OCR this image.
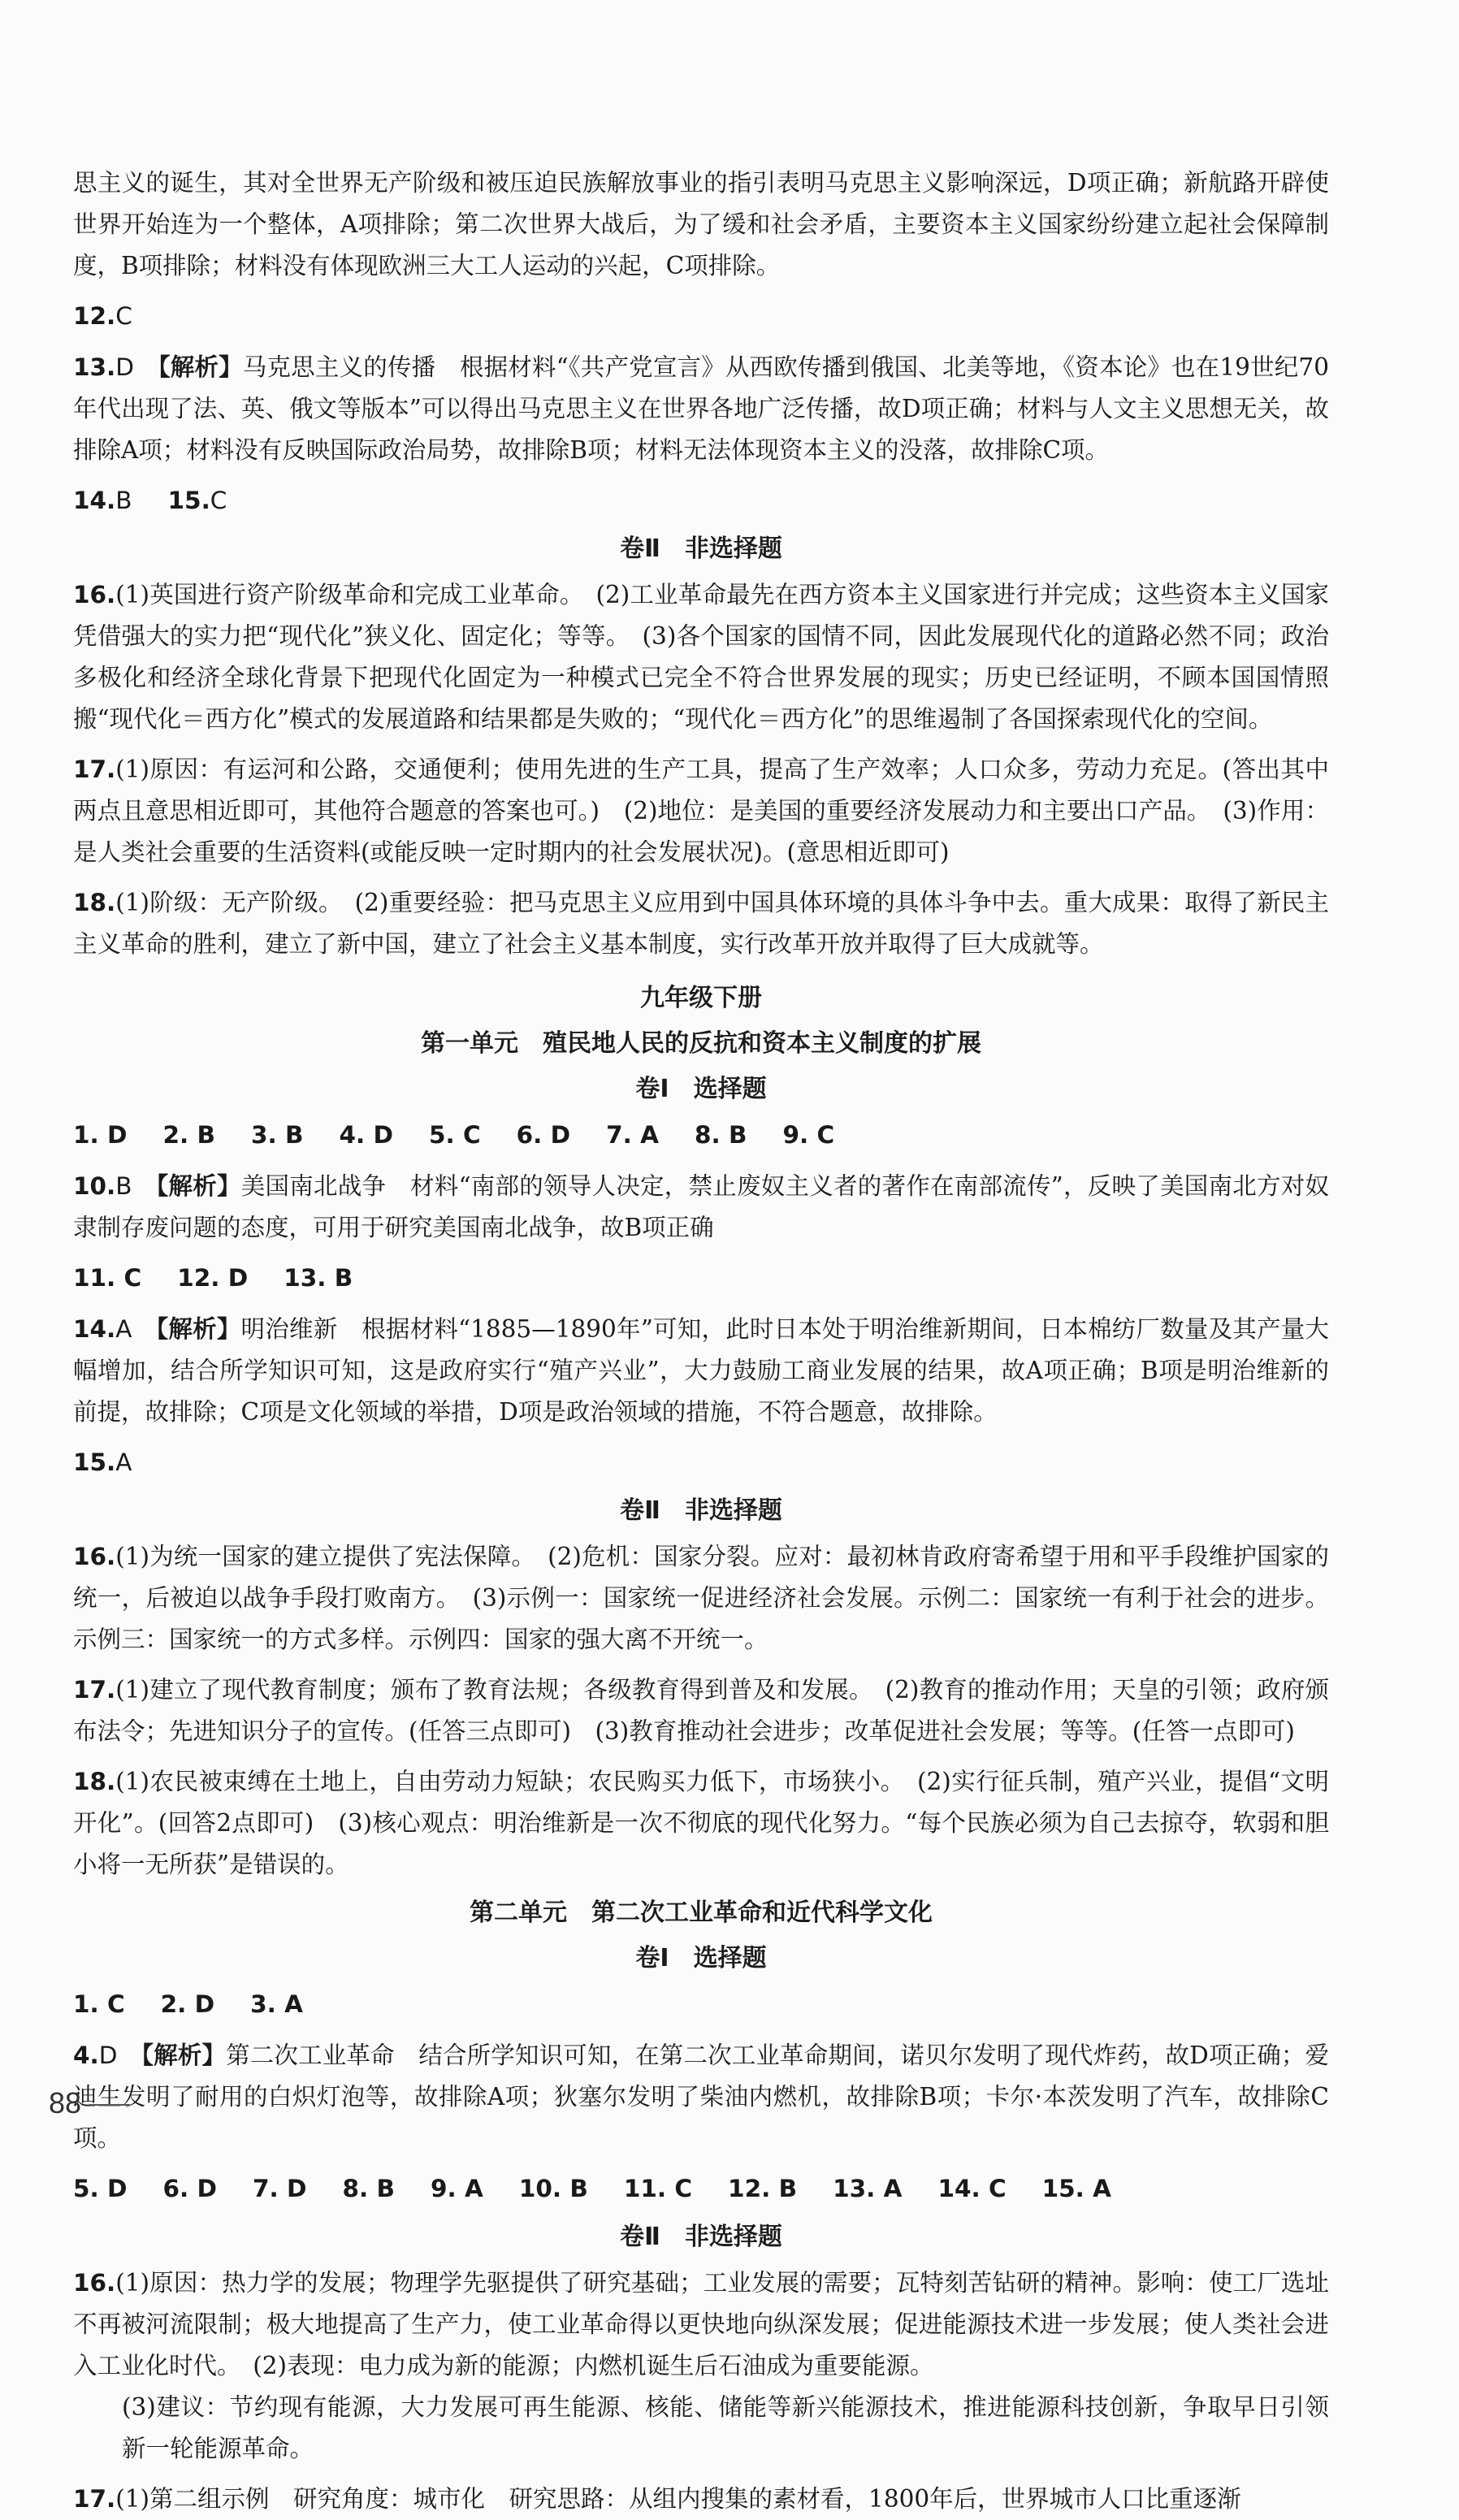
思主义的诞生，其对全世界无产阶级和被压迫民族解放事业的指引表明马克思主义影响深远，D项正确；新航路开辟使世界开始连为一个整体，A项排除；第二次世界大战后，为了缓和社会矛盾，主要资本主义国家纷纷建立起社会保障制度，B项排除；材料没有体现欧洲三大工人运动的兴起，C项排除。

12.C

13.D　 【解析】马克思主义的传播　根据材料“《共产党宣言》从西欧传播到俄国、北美等地，《资本论》也在19世纪70年代出现了法、英、俄文等版本”可以得出马克思主义在世界各地广泛传播，故D项正确；材料与人文主义思想无关，故排除A项；材料没有反映国际政治局势，故排除B项；材料无法体现资本主义的没落，故排除C项。

14.B 15.C

卷Ⅱ　非选择题

16.(1)英国进行资产阶级革命和完成工业革命。　(2)工业革命最先在西方资本主义国家进行并完成；这些资本主义国家凭借强大的实力把“现代化”狭义化、固定化；等等。　(3)各个国家的国情不同，因此发展现代化的道路必然不同；政治多极化和经济全球化背景下把现代化固定为一种模式已完全不符合世界发展的现实；历史已经证明，不顾本国国情照搬“现代化＝西方化”模式的发展道路和结果都是失败的；“现代化＝西方化”的思维遏制了各国探索现代化的空间。

17.(1)原因：有运河和公路，交通便利；使用先进的生产工具，提高了生产效率；人口众多，劳动力充足。(答出其中两点且意思相近即可，其他符合题意的答案也可。)　(2)地位：是美国的重要经济发展动力和主要出口产品。　(3)作用：是人类社会重要的生活资料(或能反映一定时期内的社会发展状况)。(意思相近即可)

18.(1)阶级：无产阶级。　(2)重要经验：把马克思主义应用到中国具体环境的具体斗争中去。重大成果：取得了新民主主义革命的胜利，建立了新中国，建立了社会主义基本制度，实行改革开放并取得了巨大成就等。

九年级下册
第一单元　殖民地人民的反抗和资本主义制度的扩展
卷Ⅰ　选择题

1. D 2. B 3. B 4. D 5. C 6. D 7. A 8. B 9. C

10.B　 【解析】美国南北战争　材料“南部的领导人决定，禁止废奴主义者的著作在南部流传”，反映了美国南北方对奴隶制存废问题的态度，可用于研究美国南北战争，故B项正确

11. C 12. D 13. B

14.A　 【解析】明治维新　根据材料“1885—1890年”可知，此时日本处于明治维新期间，日本棉纺厂数量及其产量大幅增加，结合所学知识可知，这是政府实行“殖产兴业”，大力鼓励工商业发展的结果，故A项正确；B项是明治维新的前提，故排除；C项是文化领域的举措，D项是政治领域的措施，不符合题意，故排除。

15.A

卷Ⅱ　非选择题

16.(1)为统一国家的建立提供了宪法保障。　(2)危机：国家分裂。应对：最初林肯政府寄希望于用和平手段维护国家的统一，后被迫以战争手段打败南方。　(3)示例一：国家统一促进经济社会发展。示例二：国家统一有利于社会的进步。示例三：国家统一的方式多样。示例四：国家的强大离不开统一。

17.(1)建立了现代教育制度；颁布了教育法规；各级教育得到普及和发展。　(2)教育的推动作用；天皇的引领；政府颁布法令；先进知识分子的宣传。(任答三点即可)　(3)教育推动社会进步；改革促进社会发展；等等。(任答一点即可)

18.(1)农民被束缚在土地上，自由劳动力短缺；农民购买力低下，市场狭小。　(2)实行征兵制，殖产兴业，提倡“文明开化”。(回答2点即可)　(3)核心观点：明治维新是一次不彻底的现代化努力。“每个民族必须为自己去掠夺，软弱和胆小将一无所获”是错误的。

第二单元　第二次工业革命和近代科学文化
卷Ⅰ　选择题

1. C 2. D 3. A

4.D　 【解析】第二次工业革命　结合所学知识可知，在第二次工业革命期间，诺贝尔发明了现代炸药，故D项正确；爱迪生发明了耐用的白炽灯泡等，故排除A项；狄塞尔发明了柴油内燃机，故排除B项；卡尔·本茨发明了汽车，故排除C项。

5. D 6. D 7. D 8. B 9. A 10. B 11. C 12. B 13. A 14. C 15. A

卷Ⅱ　非选择题

16.(1)原因：热力学的发展；物理学先驱提供了研究基础；工业发展的需要；瓦特刻苦钻研的精神。影响：使工厂选址不再被河流限制；极大地提高了生产力，使工业革命得以更快地向纵深发展；促进能源技术进一步发展；使人类社会进入工业化时代。　(2)表现：电力成为新的能源；内燃机诞生后石油成为重要能源。

(3)建议：节约现有能源，大力发展可再生能源、核能、储能等新兴能源技术，推进能源科技创新，争取早日引领新一轮能源革命。

17.(1)第二组示例　研究角度：城市化　研究思路：从组内搜集的素材看，1800年后，世界城市人口比重逐渐

88
